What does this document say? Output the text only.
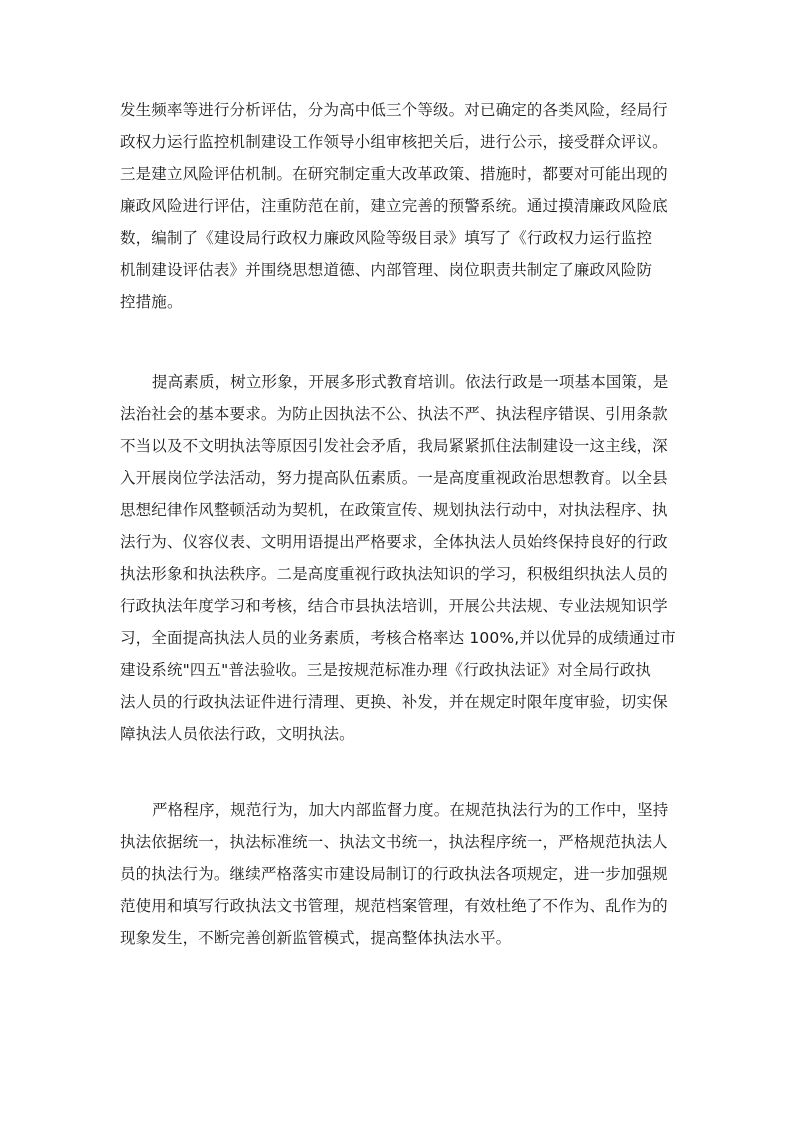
发生频率等进行分析评估，分为高中低三个等级。对已确定的各类风险，经局行
政权力运行监控机制建设工作领导小组审核把关后，进行公示，接受群众评议。
三是建立风险评估机制。在研究制定重大改革政策、措施时，都要对可能出现的
廉政风险进行评估，注重防范在前，建立完善的预警系统。通过摸清廉政风险底
数，编制了《建设局行政权力廉政风险等级目录》填写了《行政权力运行监控
机制建设评估表》并围绕思想道德、内部管理、岗位职责共制定了廉政风险防
控措施。
提高素质，树立形象，开展多形式教育培训。依法行政是一项基本国策，是
法治社会的基本要求。为防止因执法不公、执法不严、执法程序错误、引用条款
不当以及不文明执法等原因引发社会矛盾，我局紧紧抓住法制建设一这主线，深
入开展岗位学法活动，努力提高队伍素质。一是高度重视政治思想教育。以全县
思想纪律作风整顿活动为契机，在政策宣传、规划执法行动中，对执法程序、执
法行为、仪容仪表、文明用语提出严格要求，全体执法人员始终保持良好的行政
执法形象和执法秩序。二是高度重视行政执法知识的学习，积极组织执法人员的
行政执法年度学习和考核，结合市县执法培训，开展公共法规、专业法规知识学
习，全面提高执法人员的业务素质，考核合格率达 100%,并以优异的成绩通过市
建设系统"四五"普法验收。三是按规范标准办理《行政执法证》对全局行政执
法人员的行政执法证件进行清理、更换、补发，并在规定时限年度审验，切实保
障执法人员依法行政，文明执法。
严格程序，规范行为，加大内部监督力度。在规范执法行为的工作中，坚持
执法依据统一，执法标准统一、执法文书统一，执法程序统一，严格规范执法人
员的执法行为。继续严格落实市建设局制订的行政执法各项规定，进一步加强规
范使用和填写行政执法文书管理，规范档案管理，有效杜绝了不作为、乱作为的
现象发生，不断完善创新监管模式，提高整体执法水平。
